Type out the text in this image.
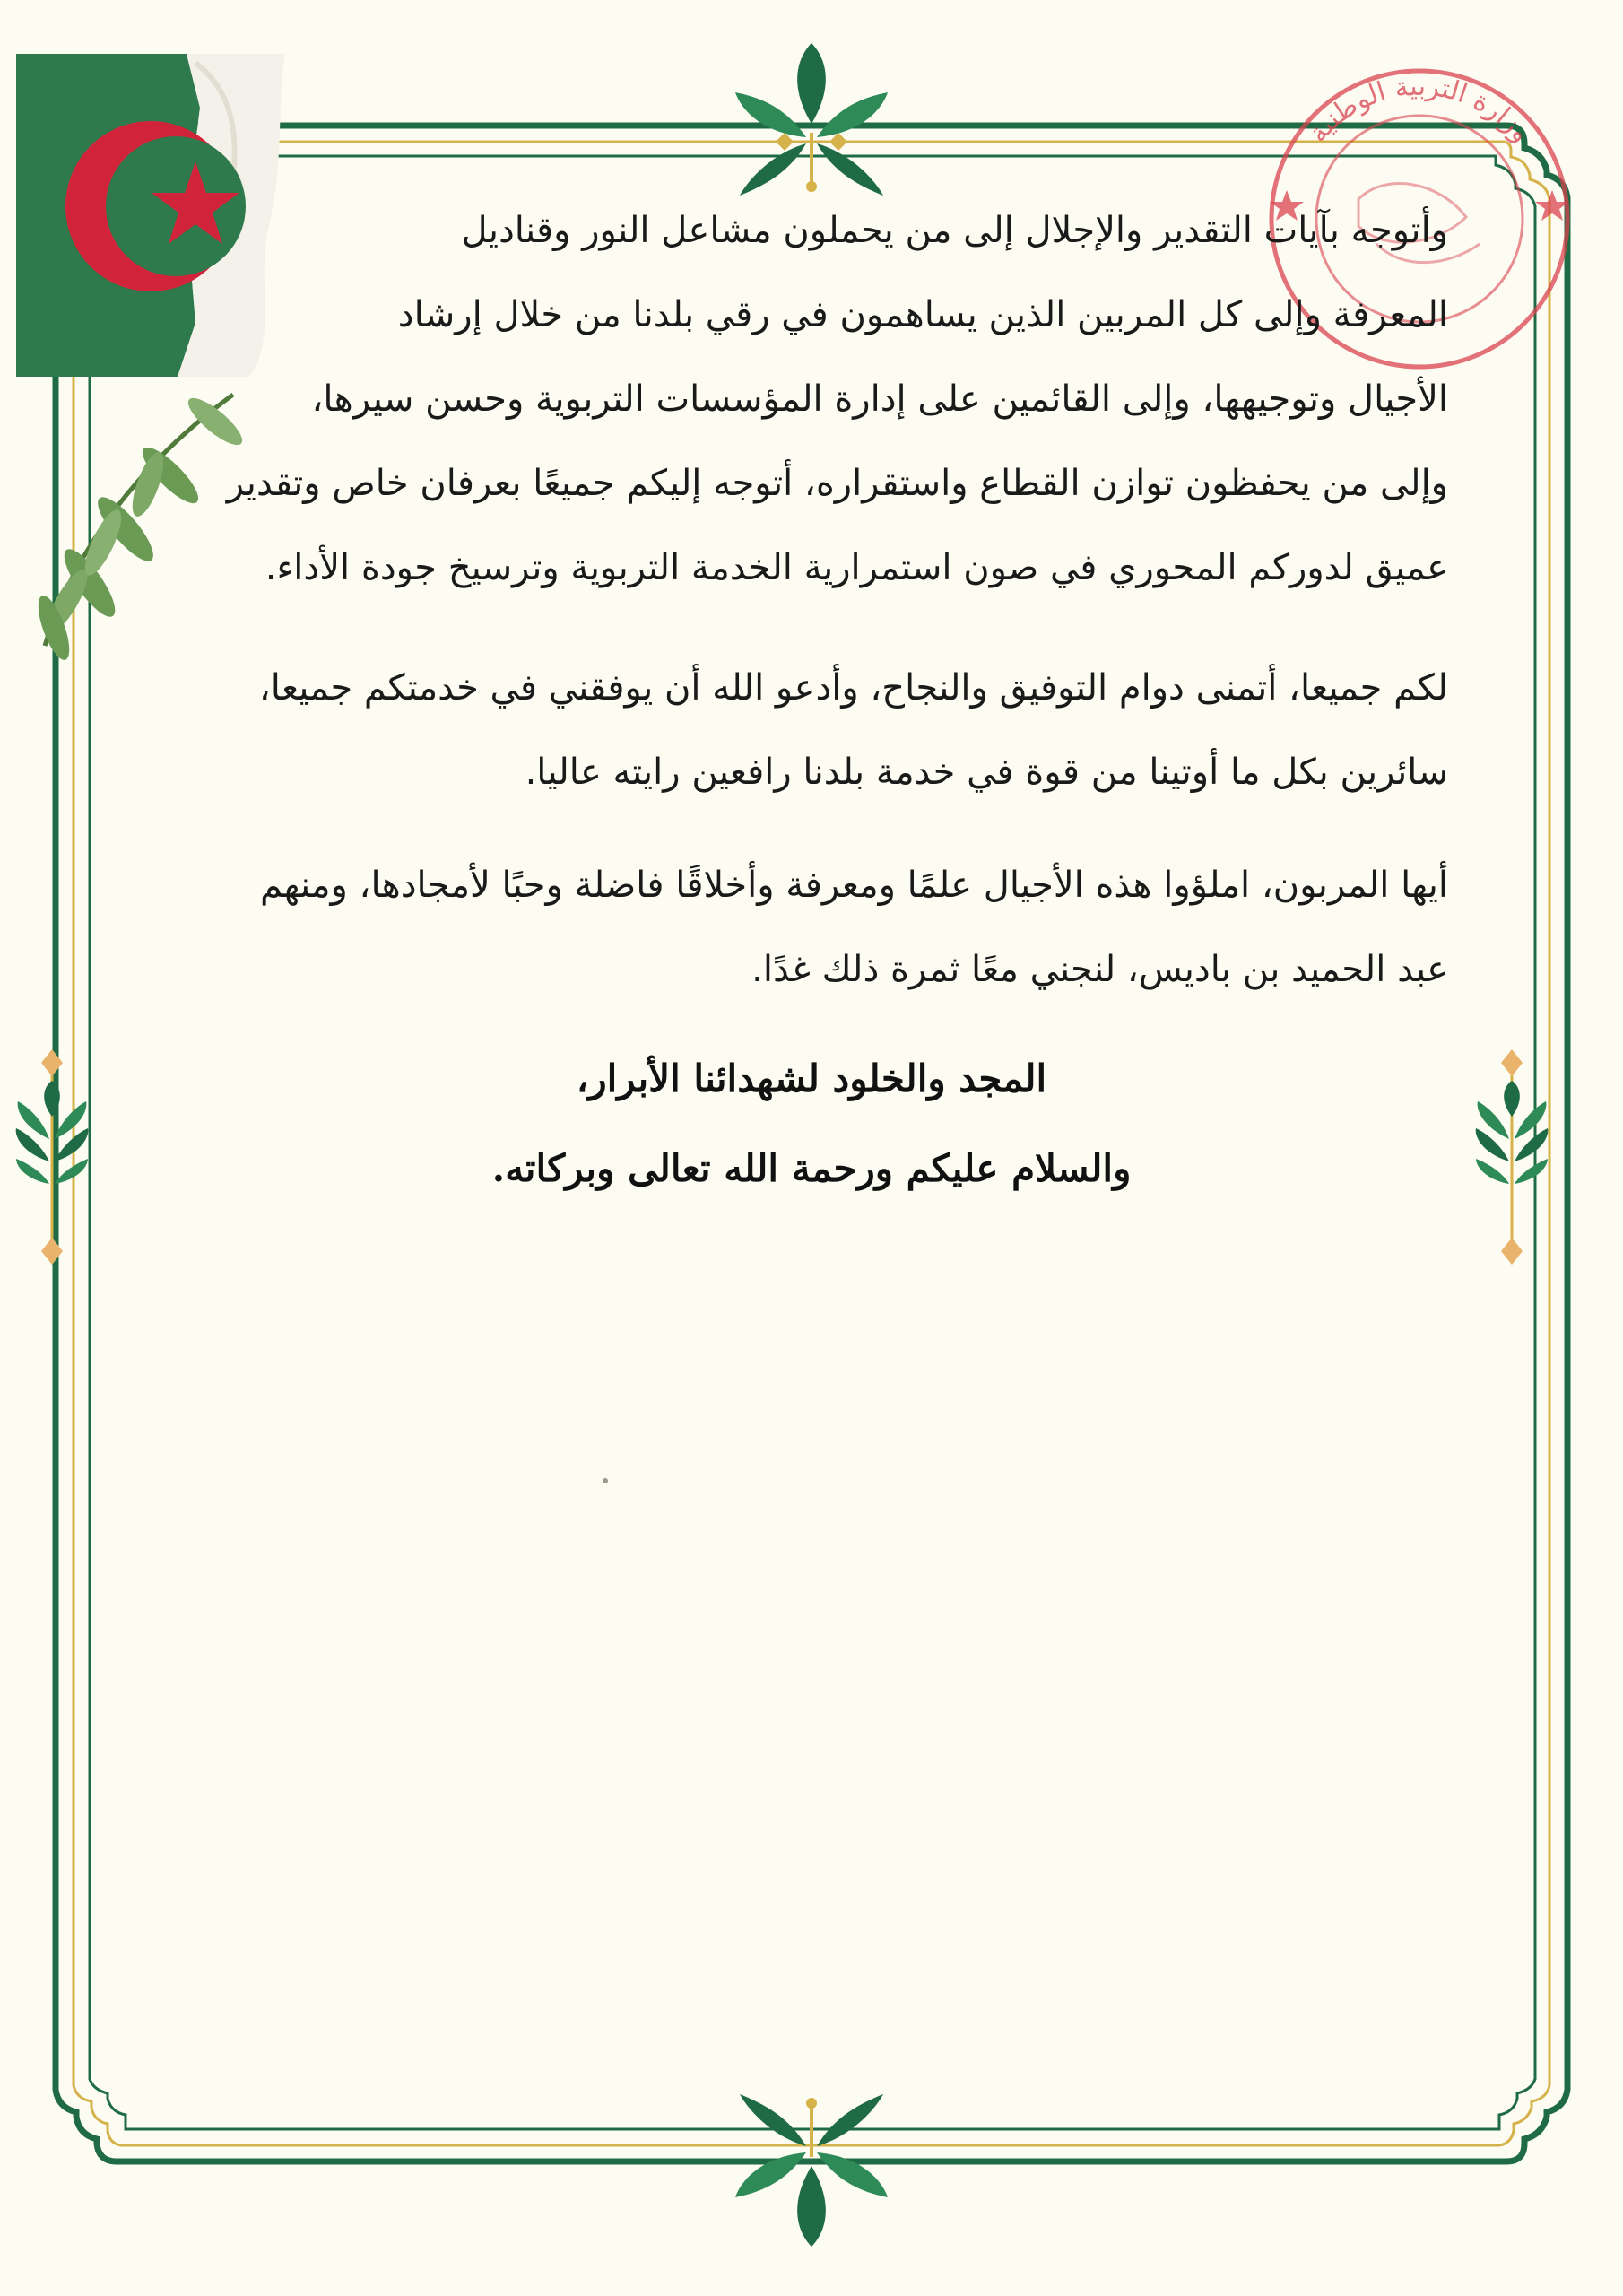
وزارة التربية الوطنية
وأتوجه بآيات التقدير والإجلال إلى من يحملون مشاعل النور وقناديل
المعرفة وإلى كل المربين الذين يساهمون في رقي بلدنا من خلال إرشاد
الأجيال وتوجيهها، وإلى القائمين على إدارة المؤسسات التربوية وحسن سيرها،
وإلى من يحفظون توازن القطاع واستقراره، أتوجه إليكم جميعًا بعرفان خاص وتقدير
عميق لدوركم المحوري في صون استمرارية الخدمة التربوية وترسيخ جودة الأداء.
لكم جميعا، أتمنى دوام التوفيق والنجاح، وأدعو الله أن يوفقني في خدمتكم جميعا،
سائرين بكل ما أوتينا من قوة في خدمة بلدنا رافعين رايته عاليا.
أيها المربون، املؤوا هذه الأجيال علمًا ومعرفة وأخلاقًا فاضلة وحبًا لأمجادها، ومنهم
عبد الحميد بن باديس، لنجني معًا ثمرة ذلك غدًا.
المجد والخلود لشهدائنا الأبرار،
والسلام عليكم ورحمة الله تعالى وبركاته.
